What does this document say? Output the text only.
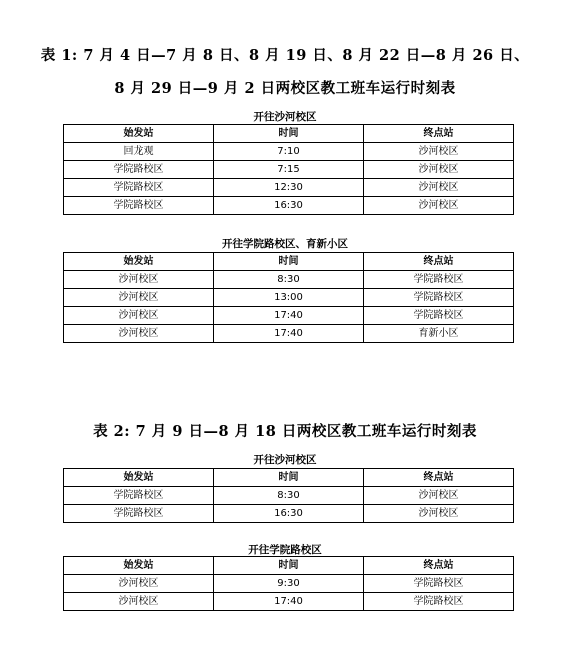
表 1: 7 月 4 日—7 月 8 日、8 月 19 日、8 月 22 日—8 月 26 日、
8 月 29 日—9 月 2 日两校区教工班车运行时刻表
开往沙河校区
始发站	时间	终点站
回龙观	7:10	沙河校区
学院路校区	7:15	沙河校区
学院路校区	12:30	沙河校区
学院路校区	16:30	沙河校区
开往学院路校区、育新小区
始发站	时间	终点站
沙河校区	8:30	学院路校区
沙河校区	13:00	学院路校区
沙河校区	17:40	学院路校区
沙河校区	17:40	育新小区
表 2: 7 月 9 日—8 月 18 日两校区教工班车运行时刻表
开往沙河校区
始发站	时间	终点站
学院路校区	8:30	沙河校区
学院路校区	16:30	沙河校区
开往学院路校区
始发站	时间	终点站
沙河校区	9:30	学院路校区
沙河校区	17:40	学院路校区
